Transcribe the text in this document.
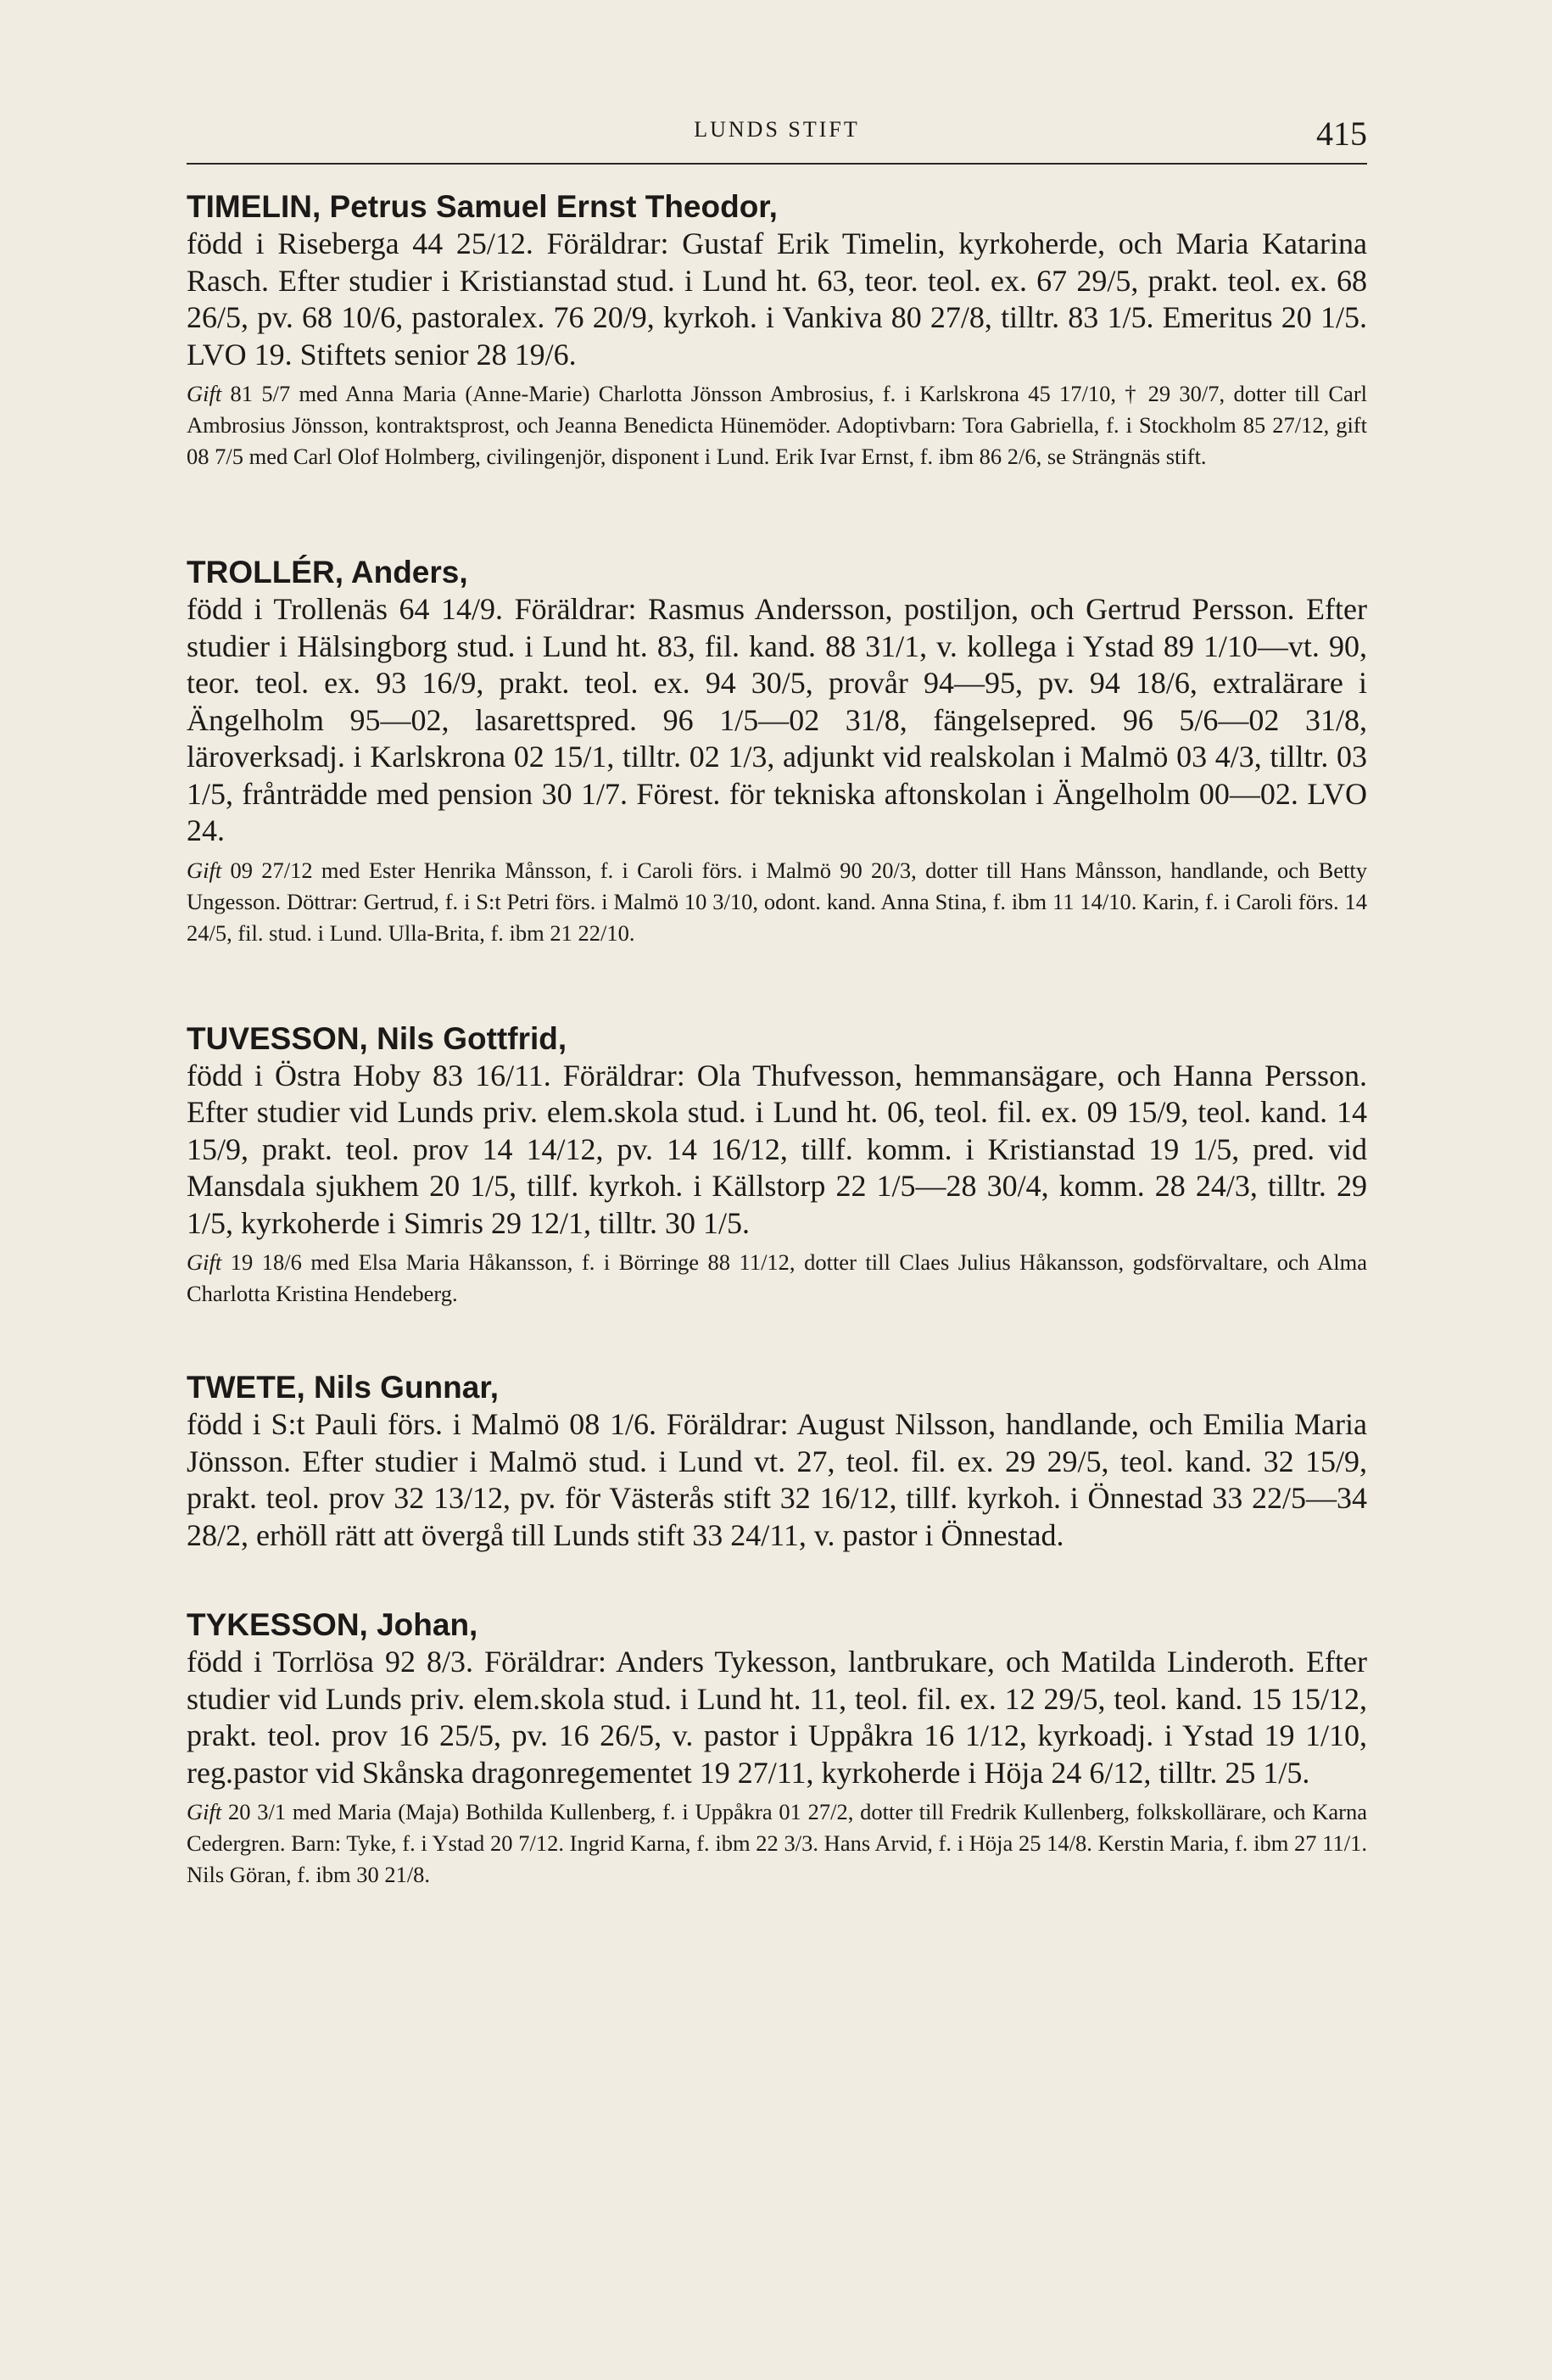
LUNDS STIFT	415
TIMELIN, Petrus Samuel Ernst Theodor,

född i Riseberga 44 25/12. Föräldrar: Gustaf Erik Timelin, kyrkoherde, och Maria Katarina Rasch. Efter studier i Kristianstad stud. i Lund ht. 63, teor. teol. ex. 67 29/5, prakt. teol. ex. 68 26/5, pv. 68 10/6, pastoralex. 76 20/9, kyrkoh. i Vankiva 80 27/8, tilltr. 83 1/5. Emeritus 20 1/5. LVO 19. Stiftets senior 28 19/6.

Gift 81 5/7 med Anna Maria (Anne-Marie) Charlotta Jönsson Ambrosius, f. i Karlskrona 45 17/10, † 29 30/7, dotter till Carl Ambrosius Jönsson, kontraktsprost, och Jeanna Benedicta Hünemöder. Adoptivbarn: Tora Gabriella, f. i Stockholm 85 27/12, gift 08 7/5 med Carl Olof Holmberg, civilingenjör, disponent i Lund. Erik Ivar Ernst, f. ibm 86 2/6, se Strängnäs stift.

TROLLÉR, Anders,

född i Trollenäs 64 14/9. Föräldrar: Rasmus Andersson, postiljon, och Gertrud Persson. Efter studier i Hälsingborg stud. i Lund ht. 83, fil. kand. 88 31/1, v. kollega i Ystad 89 1/10—vt. 90, teor. teol. ex. 93 16/9, prakt. teol. ex. 94 30/5, provår 94—95, pv. 94 18/6, extralärare i Ängelholm 95—02, lasarettspred. 96 1/5—02 31/8, fängelsepred. 96 5/6—02 31/8, läroverksadj. i Karlskrona 02 15/1, tilltr. 02 1/3, adjunkt vid realskolan i Malmö 03 4/3, tilltr. 03 1/5, frånträdde med pension 30 1/7. Förest. för tekniska aftonskolan i Ängelholm 00—02. LVO 24.

Gift 09 27/12 med Ester Henrika Månsson, f. i Caroli förs. i Malmö 90 20/3, dotter till Hans Månsson, handlande, och Betty Ungesson. Döttrar: Gertrud, f. i S:t Petri förs. i Malmö 10 3/10, odont. kand. Anna Stina, f. ibm 11 14/10. Karin, f. i Caroli förs. 14 24/5, fil. stud. i Lund. Ulla-Brita, f. ibm 21 22/10.

TUVESSON, Nils Gottfrid,

född i Östra Hoby 83 16/11. Föräldrar: Ola Thufvesson, hemmansägare, och Hanna Persson. Efter studier vid Lunds priv. elem.skola stud. i Lund ht. 06, teol. fil. ex. 09 15/9, teol. kand. 14 15/9, prakt. teol. prov 14 14/12, pv. 14 16/12, tillf. komm. i Kristianstad 19 1/5, pred. vid Mansdala sjukhem 20 1/5, tillf. kyrkoh. i Källstorp 22 1/5—28 30/4, komm. 28 24/3, tilltr. 29 1/5, kyrkoherde i Simris 29 12/1, tilltr. 30 1/5.

Gift 19 18/6 med Elsa Maria Håkansson, f. i Börringe 88 11/12, dotter till Claes Julius Håkansson, godsförvaltare, och Alma Charlotta Kristina Hendeberg.

TWETE, Nils Gunnar,

född i S:t Pauli förs. i Malmö 08 1/6. Föräldrar: August Nilsson, handlande, och Emilia Maria Jönsson. Efter studier i Malmö stud. i Lund vt. 27, teol. fil. ex. 29 29/5, teol. kand. 32 15/9, prakt. teol. prov 32 13/12, pv. för Västerås stift 32 16/12, tillf. kyrkoh. i Önnestad 33 22/5—34 28/2, erhöll rätt att övergå till Lunds stift 33 24/11, v. pastor i Önnestad.

TYKESSON, Johan,

född i Torrlösa 92 8/3. Föräldrar: Anders Tykesson, lantbrukare, och Matilda Linderoth. Efter studier vid Lunds priv. elem.skola stud. i Lund ht. 11, teol. fil. ex. 12 29/5, teol. kand. 15 15/12, prakt. teol. prov 16 25/5, pv. 16 26/5, v. pastor i Uppåkra 16 1/12, kyrkoadj. i Ystad 19 1/10, reg.pastor vid Skånska dragonregementet 19 27/11, kyrkoherde i Höja 24 6/12, tilltr. 25 1/5.

Gift 20 3/1 med Maria (Maja) Bothilda Kullenberg, f. i Uppåkra 01 27/2, dotter till Fredrik Kullenberg, folkskollärare, och Karna Cedergren. Barn: Tyke, f. i Ystad 20 7/12. Ingrid Karna, f. ibm 22 3/3. Hans Arvid, f. i Höja 25 14/8. Kerstin Maria, f. ibm 27 11/1. Nils Göran, f. ibm 30 21/8.
